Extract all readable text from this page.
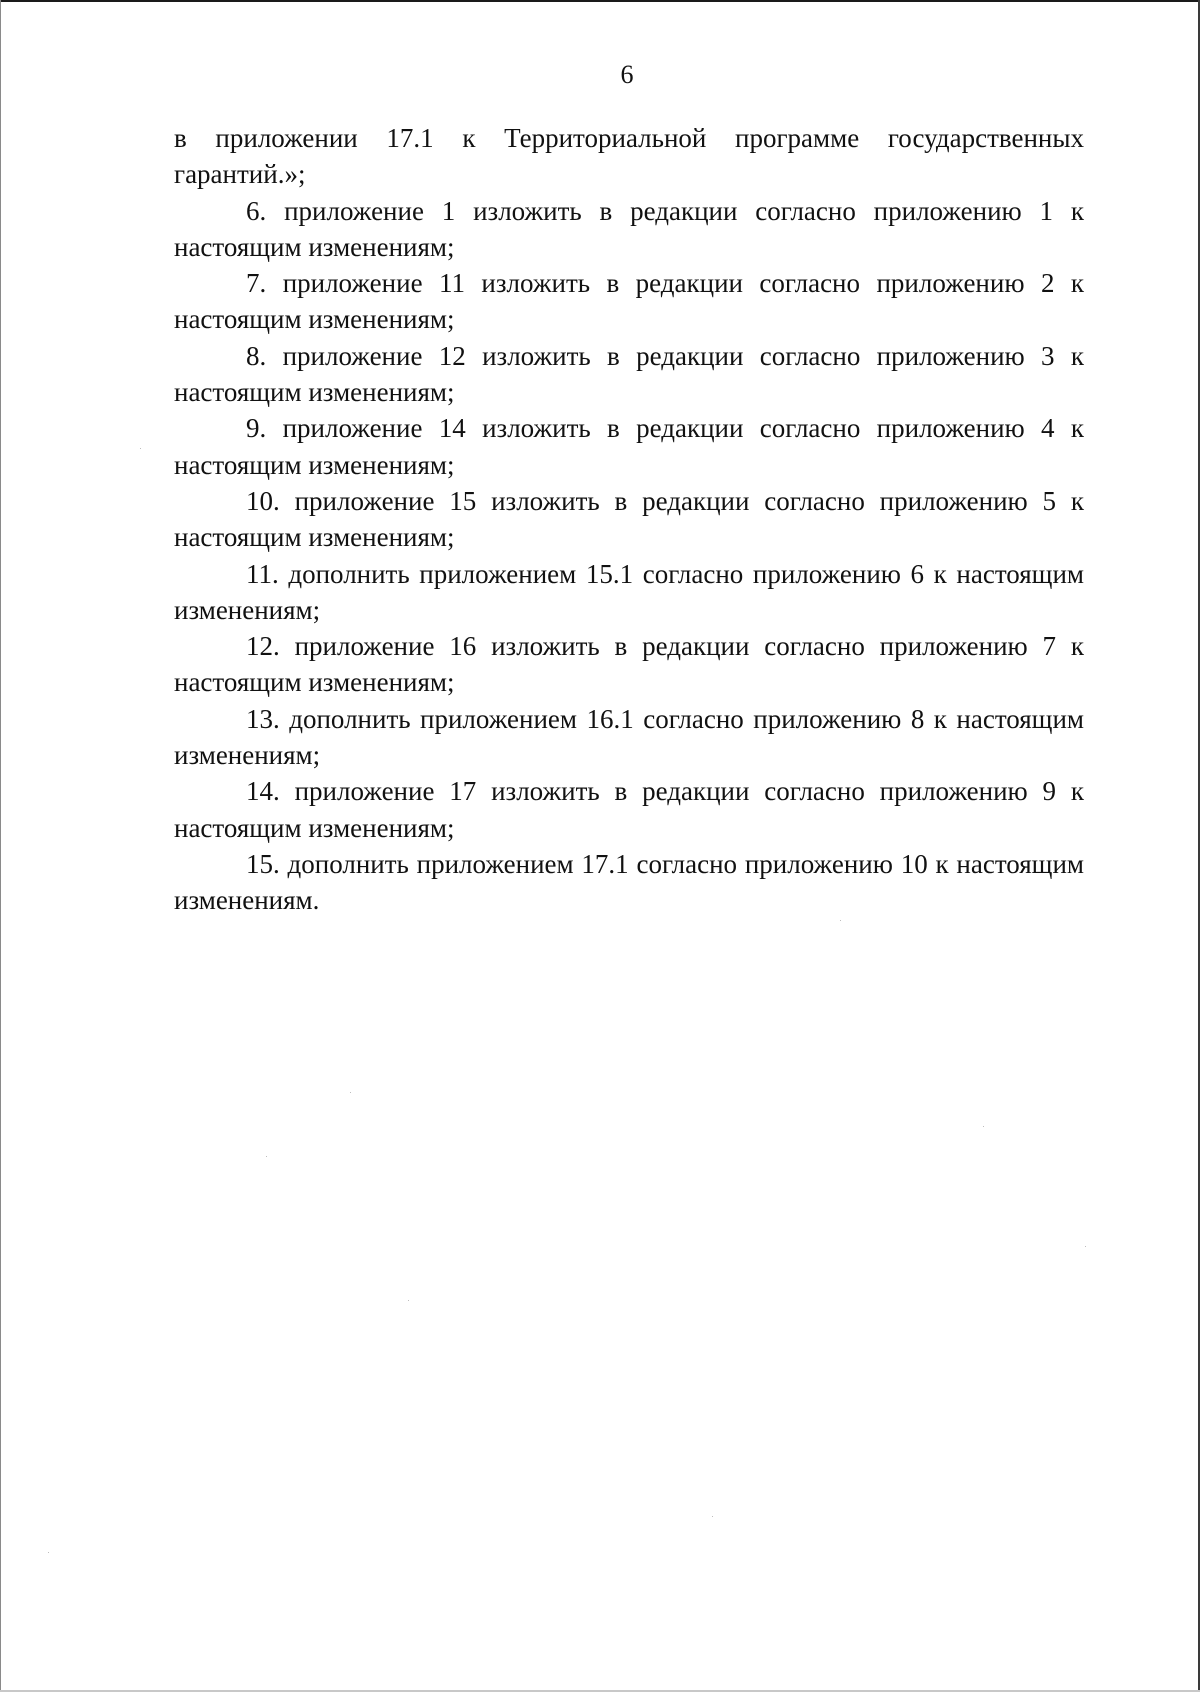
6

в приложении 17.1 к Территориальной программе государственных гарантий.»;

6. приложение 1 изложить в редакции согласно приложению 1 к настоящим изменениям;

7. приложение 11 изложить в редакции согласно приложению 2 к настоящим изменениям;

8. приложение 12 изложить в редакции согласно приложению 3 к настоящим изменениям;

9. приложение 14 изложить в редакции согласно приложению 4 к настоящим изменениям;

10. приложение 15 изложить в редакции согласно приложению 5 к настоящим изменениям;

11. дополнить приложением 15.1 согласно приложению 6 к настоящим изменениям;

12. приложение 16 изложить в редакции согласно приложению 7 к настоящим изменениям;

13. дополнить приложением 16.1 согласно приложению 8 к настоящим изменениям;

14. приложение 17 изложить в редакции согласно приложению 9 к настоящим изменениям;

15. дополнить приложением 17.1 согласно приложению 10 к настоящим изменениям.
